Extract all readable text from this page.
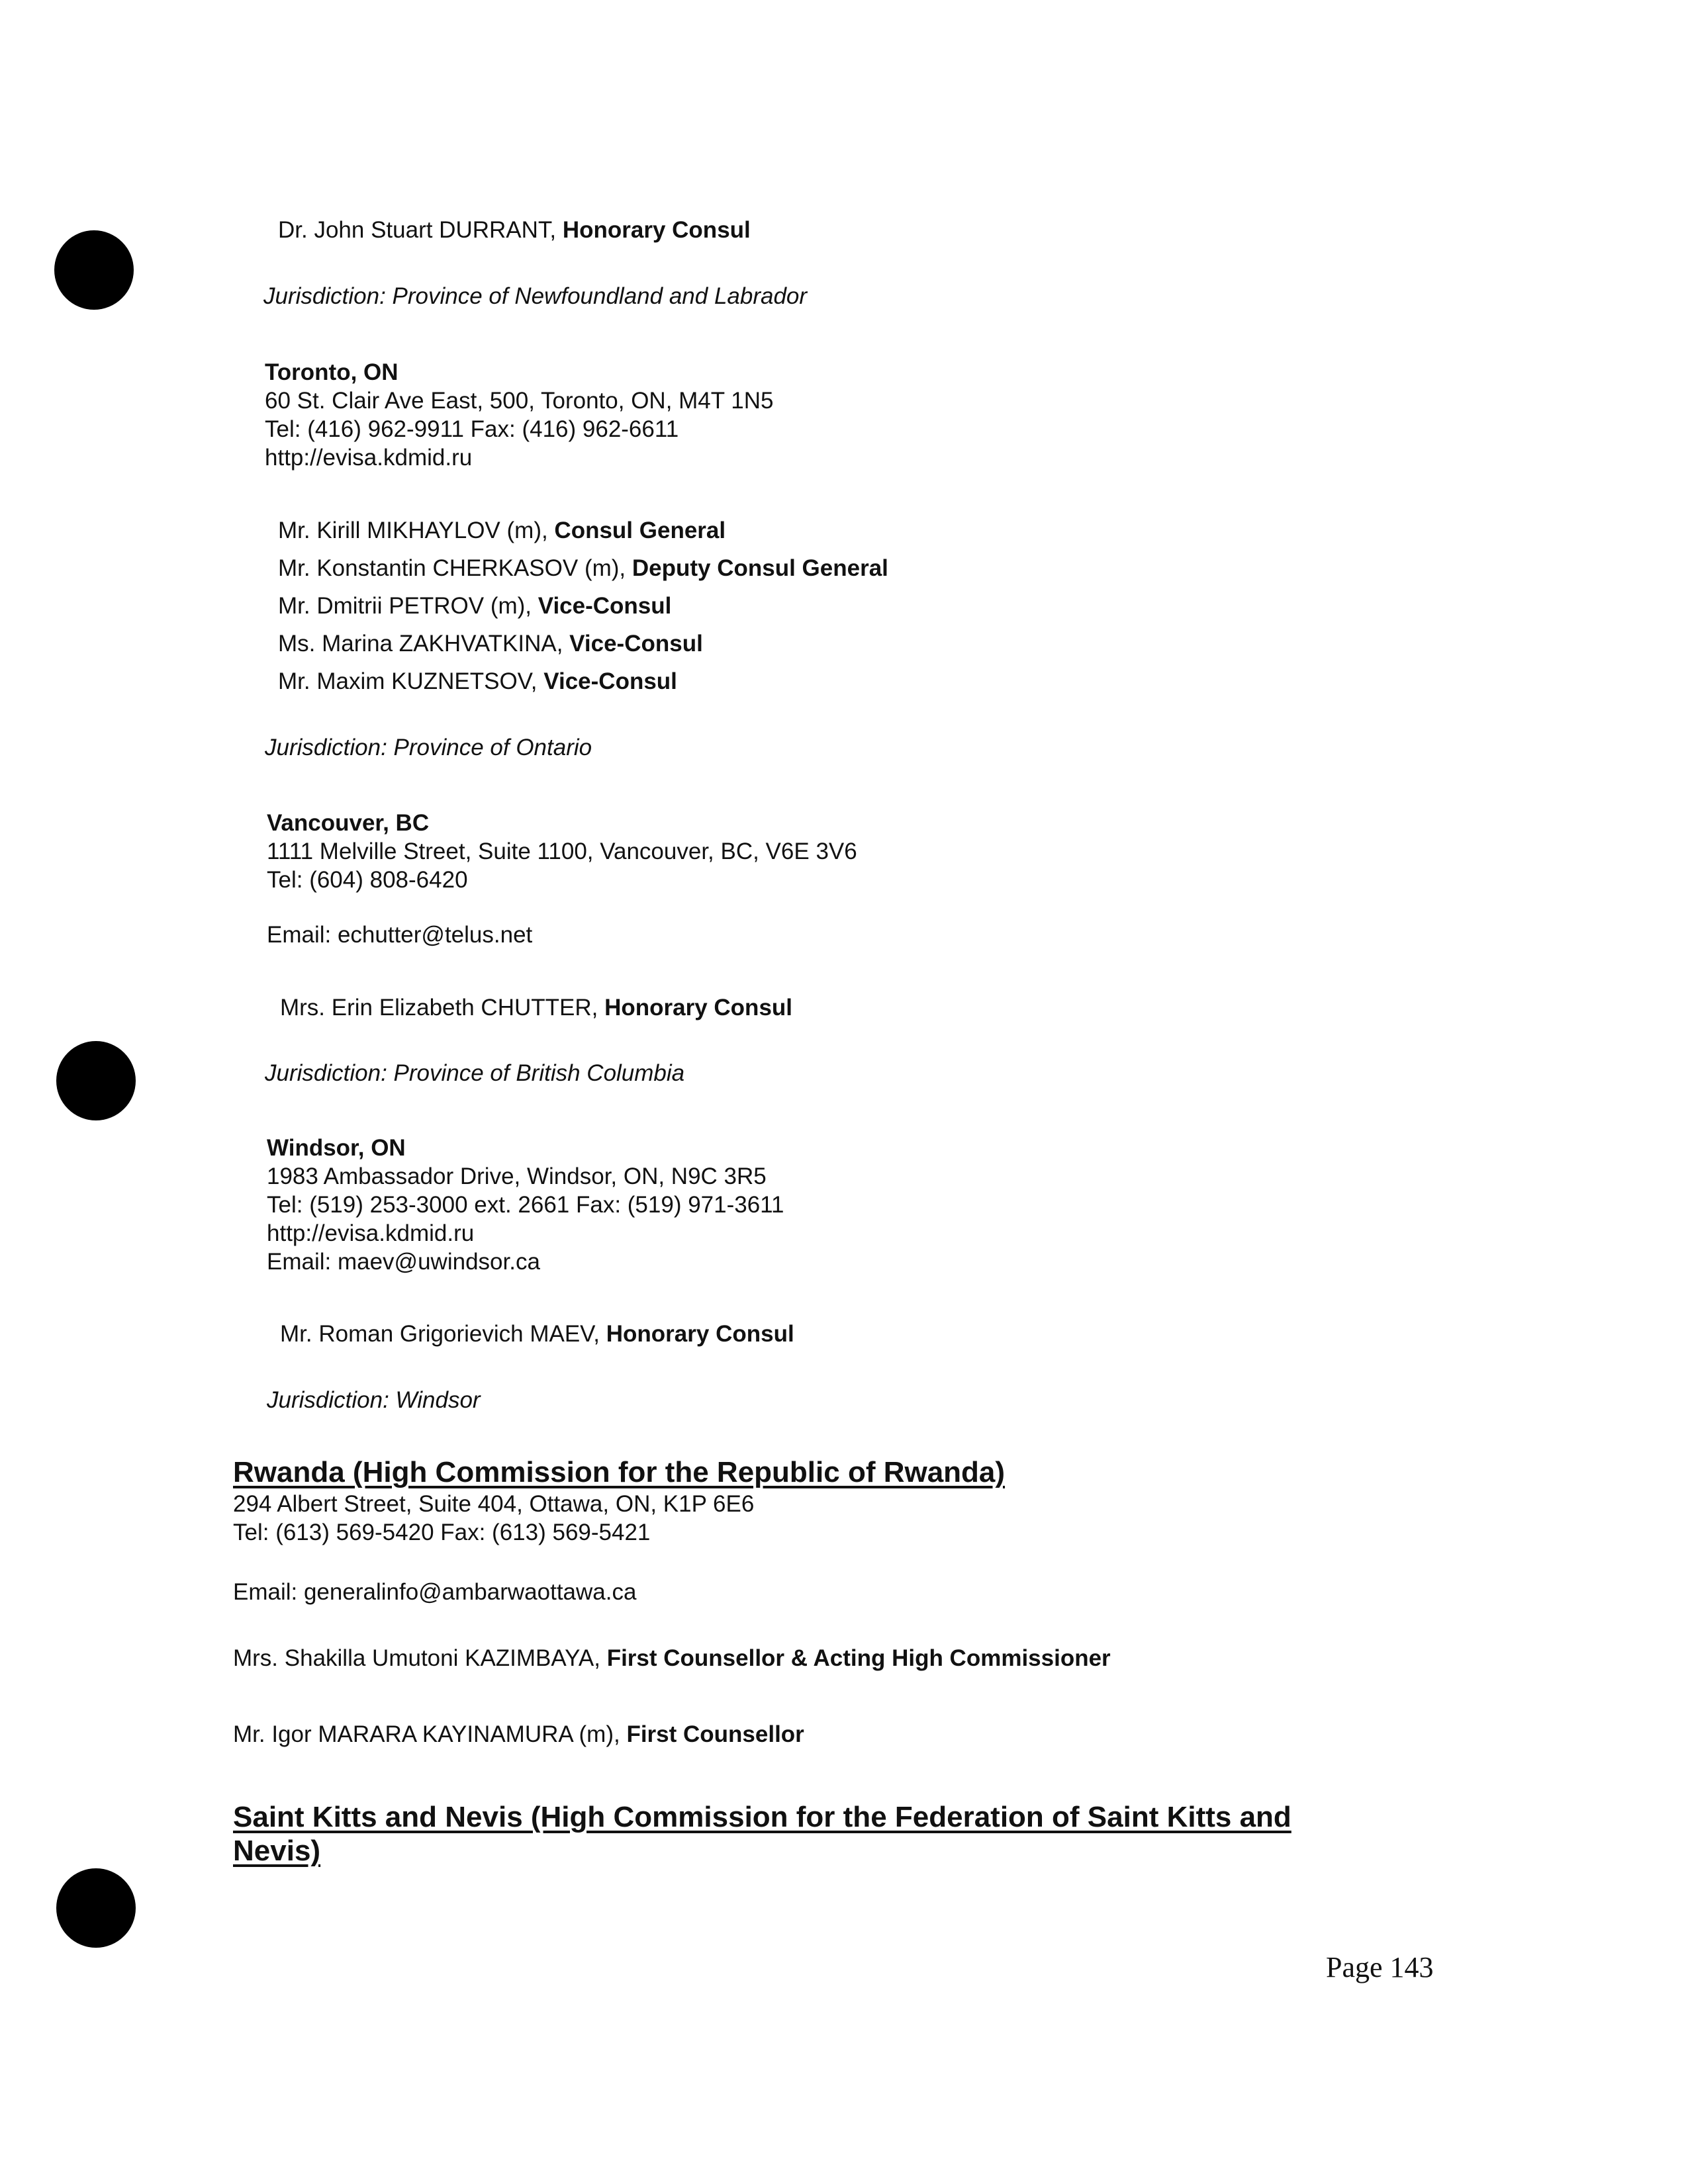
Dr. John Stuart DURRANT, Honorary Consul
Jurisdiction: Province of Newfoundland and Labrador
Toronto, ON
60 St. Clair Ave East, 500, Toronto, ON, M4T 1N5
Tel: (416) 962-9911 Fax: (416) 962-6611
http://evisa.kdmid.ru
Mr. Kirill MIKHAYLOV (m), Consul General
Mr. Konstantin CHERKASOV (m), Deputy Consul General
Mr. Dmitrii PETROV (m), Vice-Consul
Ms. Marina ZAKHVATKINA, Vice-Consul
Mr. Maxim KUZNETSOV, Vice-Consul
Jurisdiction: Province of Ontario
Vancouver, BC
1111 Melville Street, Suite 1100, Vancouver, BC, V6E 3V6
Tel: (604) 808-6420
Email: echutter@telus.net
Mrs. Erin Elizabeth CHUTTER, Honorary Consul
Jurisdiction: Province of British Columbia
Windsor, ON
1983 Ambassador Drive, Windsor, ON, N9C 3R5
Tel: (519) 253-3000 ext. 2661 Fax: (519) 971-3611
http://evisa.kdmid.ru
Email: maev@uwindsor.ca
Mr. Roman Grigorievich MAEV, Honorary Consul
Jurisdiction: Windsor
Rwanda (High Commission for the Republic of Rwanda)
294 Albert Street, Suite 404, Ottawa, ON, K1P 6E6
Tel: (613) 569-5420 Fax: (613) 569-5421
Email: generalinfo@ambarwaottawa.ca
Mrs. Shakilla Umutoni KAZIMBAYA, First Counsellor & Acting High Commissioner
Mr. Igor MARARA KAYINAMURA (m), First Counsellor
Saint Kitts and Nevis (High Commission for the Federation of Saint Kitts and
Nevis)
Page 143
